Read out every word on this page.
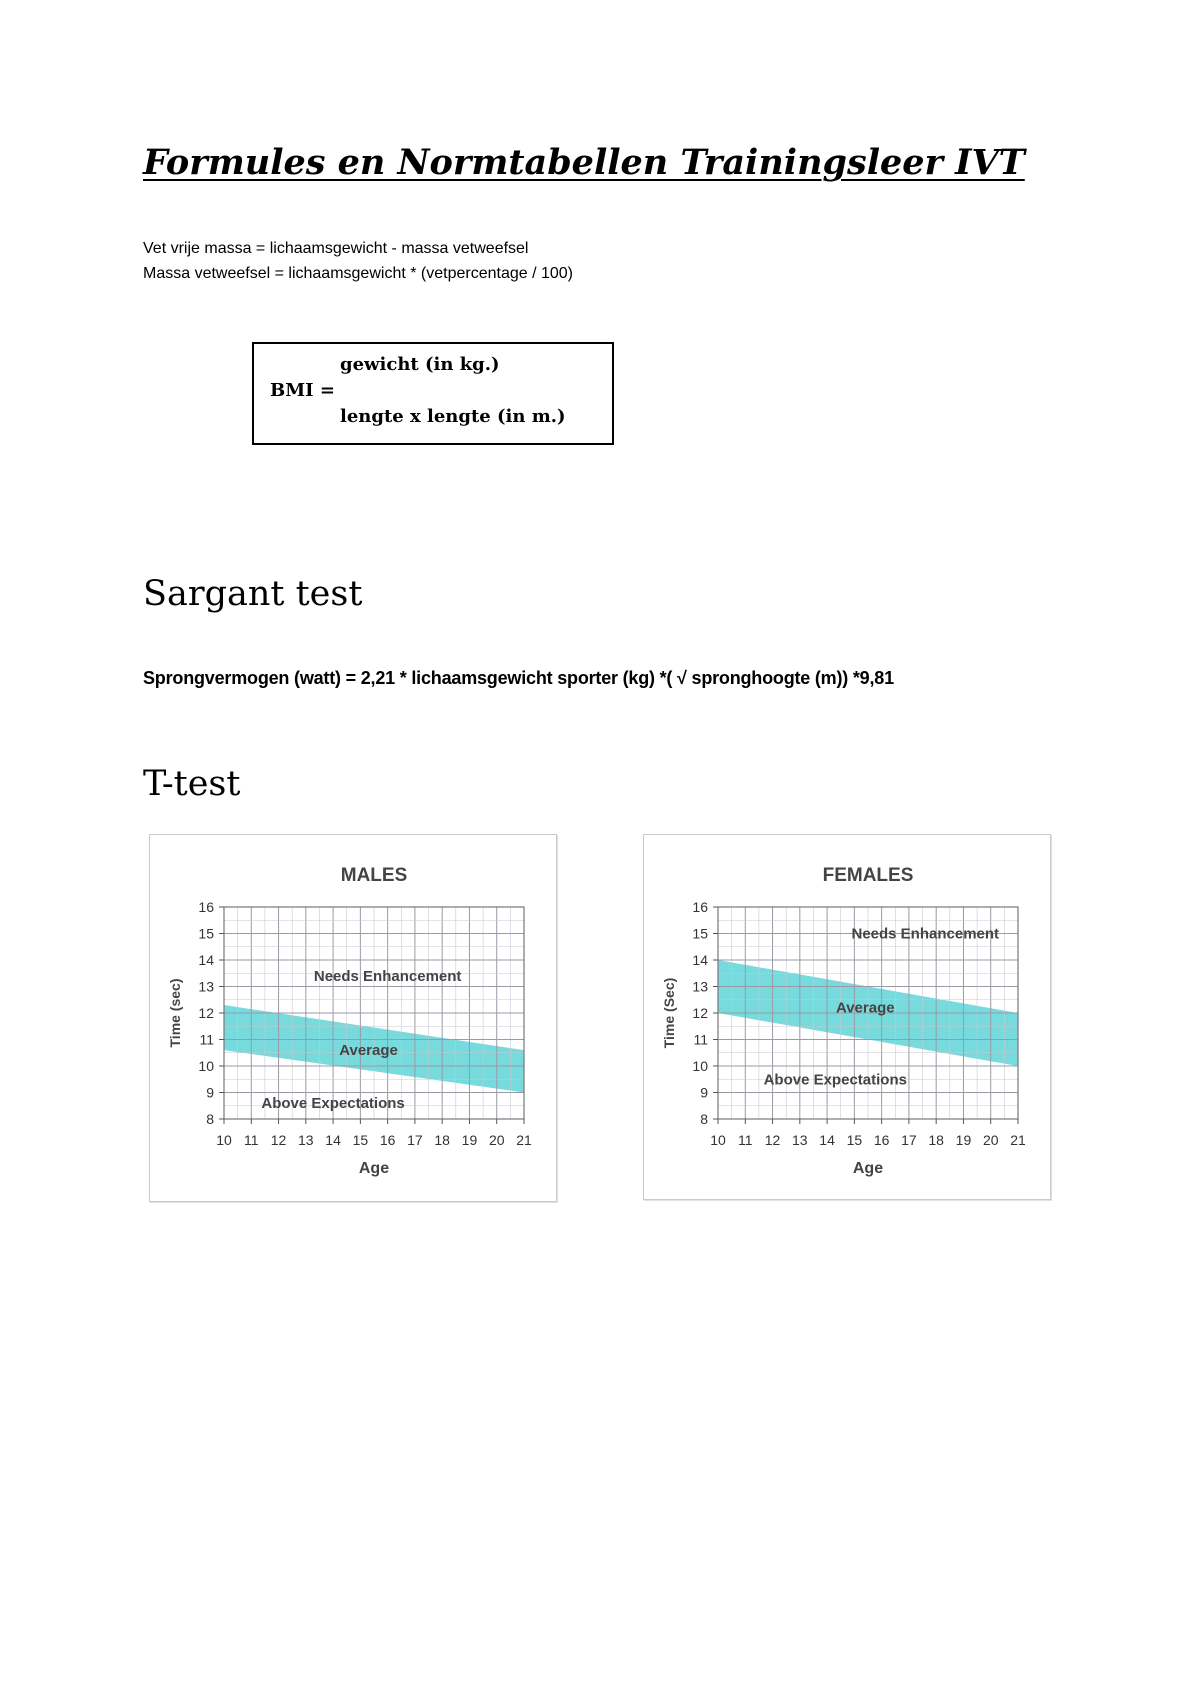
Formules en Normtabellen Trainingsleer IVT
Vet vrije massa = lichaamsgewicht - massa vetweefsel
Massa vetweefsel = lichaamsgewicht * (vetpercentage / 100)
BMI =
gewicht (in kg.)
lengte x lengte (in m.)
Sargant test
Sprongvermogen (watt) = 2,21 * lichaamsgewicht sporter (kg) *( √ spronghoogte (m)) *9,81
T-test
10 11 12 13 14 15 16 17 18 19 20 21
8
9
10
11
12
13
14
15
16
MALES
Age
Time (sec)
Needs Enhancement
Average
Above Expectations
10 11 12 13 14 15 16 17 18 19 20 21
8
9
10
11
12
13
14
15
16
FEMALES
Age
Time (Sec)
Needs Enhancement
Average
Above Expectations
